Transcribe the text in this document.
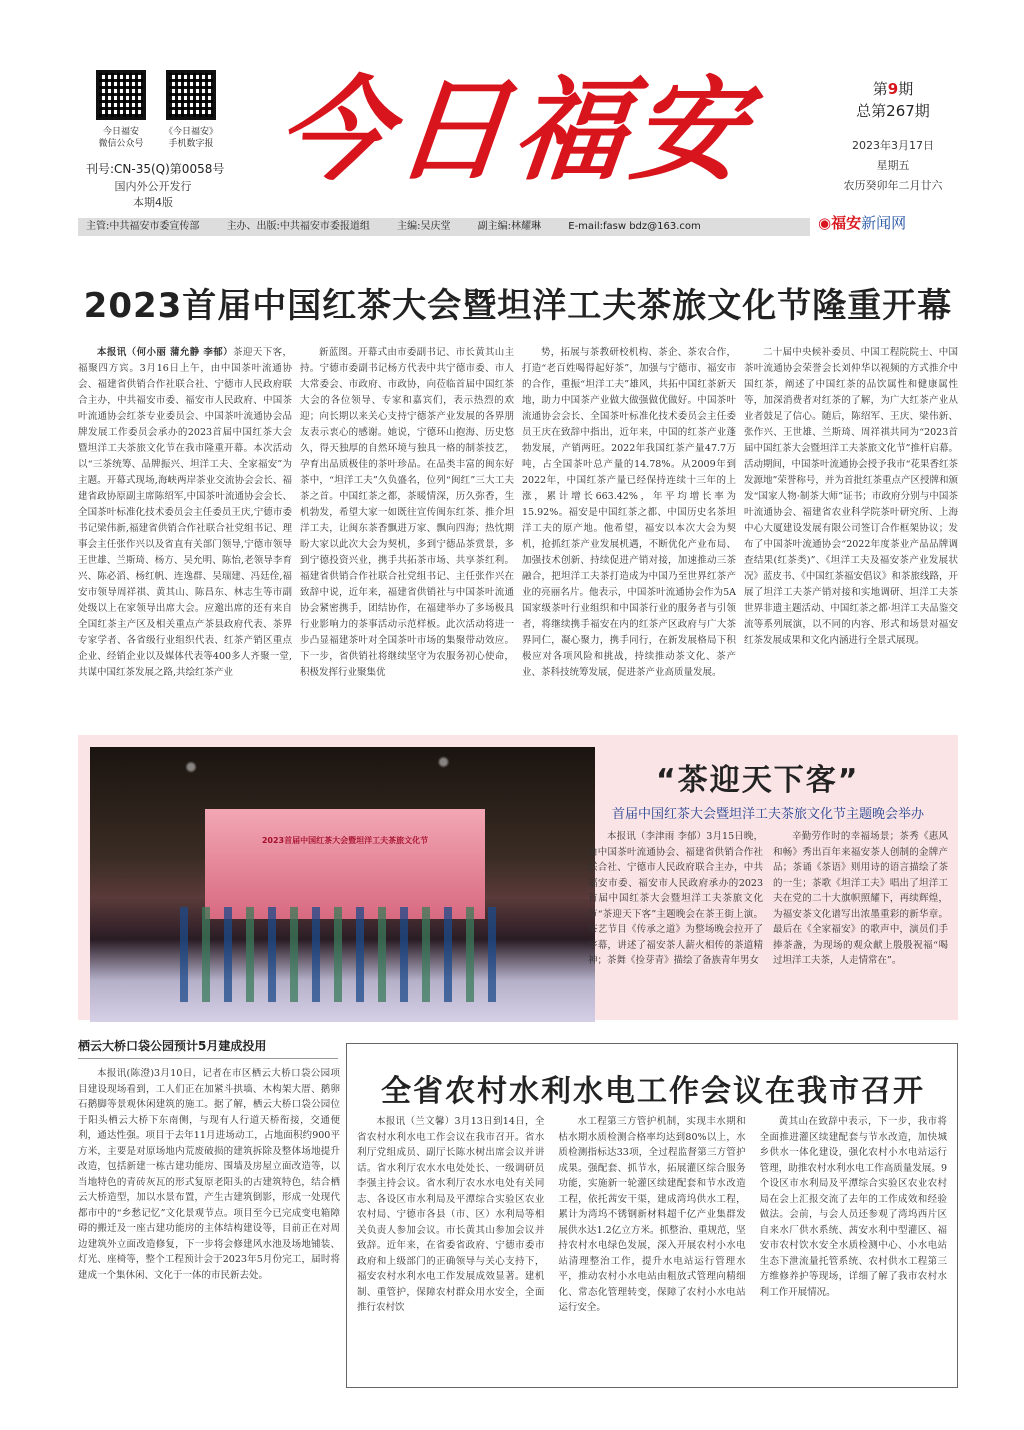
今日福安
微信公众号
《今日福安》
手机数字报
刊号:CN-35(Q)第0058号
国内外公开发行
本期4版
今日福安	第9期
总第267期
2023年3月17日
星期五
农历癸卯年二月廿六
主管:中共福安市委宣传部	主办、出版:中共福安市委报道组	主编:吴庆堂	副主编:林耀琳	E-mail:fasw bdz@163.com	◉福安新闻网
2023首届中国红茶大会暨坦洋工夫茶旅文化节隆重开幕

本报讯（何小丽 蒲允静 李郁）茶迎天下客，福聚四方宾。3月16日上午，由中国茶叶流通协会、福建省供销合作社联合社、宁德市人民政府联合主办，中共福安市委、福安市人民政府、中国茶叶流通协会红茶专业委员会、中国茶叶流通协会品牌发展工作委员会承办的2023首届中国红茶大会暨坦洋工夫茶旅文化节在我市隆重开幕。本次活动以“三茶统筹、品牌振兴、坦洋工夫、全家福安”为主题。开幕式现场,海峡两岸茶业交流协会会长、福建省政协原副主席陈绍军,中国茶叶流通协会会长、全国茶叶标准化技术委员会主任委员王庆,宁德市委书记梁伟新,福建省供销合作社联合社党组书记、理事会主任张作兴以及省直有关部门领导,宁德市领导王世雄、兰斯琦、杨方、吴允明、陈怡,老领导李育兴、陈必滔、杨红帆、连逸群、吴瑞建、冯廷佺,福安市领导周祥祺、黄其山、陈昌东、林志生等市副处级以上在家领导出席大会。应邀出席的还有来自全国红茶主产区及相关重点产茶县政府代表、茶界专家学者、各省级行业组织代表、红茶产销区重点企业、经销企业以及媒体代表等400多人齐聚一堂,共谋中国红茶发展之路,共绘红茶产业

新蓝图。开幕式由市委副书记、市长黄其山主持。宁德市委副书记杨方代表中共宁德市委、市人大常委会、市政府、市政协，向莅临首届中国红茶大会的各位领导、专家和嘉宾们，表示热烈的欢迎；向长期以来关心支持宁德茶产业发展的各界朋友表示衷心的感谢。她说，宁德环山抱海、历史悠久，得天独厚的自然环境与独具一格的制茶技艺，孕育出品质极佳的茶叶珍品。在品类丰富的闽东好茶中，“坦洋工夫”久负盛名，位列“闽红”三大工夫茶之首。中国红茶之都，茶暖情深，历久弥香，生机勃发，希望大家一如既往宣传闽东红茶、推介坦洋工夫，让闽东茶香飘进万家、飘向四海；热忱期盼大家以此次大会为契机，多到宁德品茶赏景，多到宁德投资兴业，携手共拓茶市场、共享茶红利。福建省供销合作社联合社党组书记、主任张作兴在致辞中说，近年来，福建省供销社与中国茶叶流通协会紧密携手，团结协作，在福建举办了多场极具行业影响力的茶事活动示范样板。此次活动将进一步凸显福建茶叶对全国茶叶市场的集聚带动效应。下一步，省供销社将继续坚守为农服务初心使命，积极发挥行业聚集优

势，拓展与茶教研校机构、茶企、茶农合作，打造“老百姓喝得起好茶”，加强与宁德市、福安市的合作，重振“坦洋工夫”雄风，共拓中国红茶新天地，助力中国茶产业做大做强做优做好。中国茶叶流通协会会长、全国茶叶标准化技术委员会主任委员王庆在致辞中指出，近年来，中国的红茶产业蓬勃发展，产销两旺。2022年我国红茶产量47.7万吨，占全国茶叶总产量的14.78%。从2009年到2022年，中国红茶产量已经保持连续十三年的上涨，累计增长663.42%，年平均增长率为15.92%。福安是中国红茶之都、中国历史名茶坦洋工夫的原产地。他希望，福安以本次大会为契机，抢抓红茶产业发展机遇，不断优化产业布局、加强技术创新、持续促进产销对接，加速推动三茶融合，把坦洋工夫茶打造成为中国乃至世界红茶产业的亮丽名片。他表示，中国茶叶流通协会作为5A国家级茶叶行业组织和中国茶行业的服务者与引领者，将继续携手福安在内的红茶产区政府与广大茶界同仁，凝心聚力，携手同行，在新发展格局下积极应对各项风险和挑战，持续推动茶文化、茶产业、茶科技统筹发展，促进茶产业高质量发展。

二十届中央候补委员、中国工程院院士、中国茶叶流通协会荣誉会长刘仲华以视频的方式推介中国红茶，阐述了中国红茶的品饮属性和健康属性等，加深消费者对红茶的了解，为广大红茶产业从业者鼓足了信心。随后，陈绍军、王庆、梁伟新、张作兴、王世雄、兰斯琦、周祥祺共同为“2023首届中国红茶大会暨坦洋工夫茶旅文化节”推杆启幕。活动期间，中国茶叶流通协会授予我市“花果香红茶发源地”荣誉称号，并为首批红茶重点产区授牌和颁发“国家人物·制茶大师”证书；市政府分别与中国茶叶流通协会、福建省农业科学院茶叶研究所、上海中心大厦建设发展有限公司签订合作框架协议；发布了中国茶叶流通协会“2022年度茶业产品品牌调查结果(红茶类)”、《坦洋工夫及福安茶产业发展状况》蓝皮书、《中国红茶福安倡议》和茶旅线路，开展了坦洋工夫茶产销对接和实地调研、坦洋工夫茶世界非遗主题活动、中国红茶之都·坦洋工夫品鉴交流等系列展演，以不同的内容、形式和场景对福安红茶发展成果和文化内涵进行全景式展现。

2023首届中国红茶大会暨坦洋工夫茶旅文化节
“茶迎天下客”
首届中国红茶大会暨坦洋工夫茶旅文化节主题晚会举办

本报讯（李津雨 李郁）3月15日晚，由中国茶叶流通协会、福建省供销合作社联合社、宁德市人民政府联合主办，中共福安市委、福安市人民政府承办的2023首届中国红茶大会暨坦洋工夫茶旅文化节“茶迎天下客”主题晚会在茶王街上演。茶艺节目《传承之道》为整场晚会拉开了序幕，讲述了福安茶人薪火相传的茶道精神；茶舞《捡芽青》描绘了备族青年男女

辛勤劳作时的幸福场景；茶秀《惠风和畅》秀出百年来福安茶人创制的金牌产品；茶诵《茶语》则用诗的语言描绘了茶的一生；茶歌《坦洋工夫》唱出了坦洋工夫在党的二十大旗帜照耀下，再续辉煌，为福安茶文化谱写出浓墨重彩的新华章。最后在《全家福安》的歌声中，演员们手捧茶盏，为现场的观众献上殷殷祝福“喝过坦洋工夫茶，人走情常在”。

栖云大桥口袋公园预计5月建成投用

本报讯(陈澄)3月10日，记者在市区栖云大桥口袋公园项目建设现场看到，工人们正在加紧斗拱墙、木构架大厝、鹅卵石鹅脚等景观休闲建筑的施工。据了解，栖云大桥口袋公园位于阳头栖云大桥下东南侧，与现有人行道天桥衔接，交通便利，通达性强。项目于去年11月进场动工，占地面积约900平方米，主要是对原场地内荒废破损的建筑拆除及整体场地提升改造，包括新建一栋古建功能房、围墙及房屋立面改造等，以当地特色的青砖灰瓦的形式复原老阳头的古建筑特色，结合栖云大桥造型，加以水景布置，产生古建筑倒影，形成一处现代都市中的“乡愁记忆”文化景观节点。项目至今已完成变电箱障碍的搬迁及一座古建功能房的主体结构建设等，目前正在对周边建筑外立面改造修复，下一步将会修建风水池及场地铺装、灯光、座椅等，整个工程预计会于2023年5月份完工，届时将建成一个集休闲、文化于一体的市民新去处。

全省农村水利水电工作会议在我市召开

本报讯（兰文馨）3月13日到14日，全省农村水利水电工作会议在我市召开。省水利厅党组成员、副厅长陈水树出席会议并讲话。省水利厅农水水电处处长、一级调研员李强主持会议。省水利厅农水水电处有关同志、各设区市水利局及平潭综合实验区农业农村局、宁德市各县（市、区）水利局等相关负责人参加会议。市长黄其山参加会议并致辞。近年来，在省委省政府、宁德市委市政府和上级部门的正确领导与关心支持下，福安农村水利水电工作发展成效显著。建机制、重管护，保障农村群众用水安全，全面推行农村饮

水工程第三方管护机制，实现丰水期和枯水期水质检测合格率均达到80%以上，水质检测指标达33项，全过程监督第三方管护成果。强配套、抓节水，拓展灌区综合服务功能，实施新一轮灌区续建配套和节水改造工程，依托茜安干渠，建成湾坞供水工程，累计为湾坞不锈钢新材料超千亿产业集群发展供水达1.2亿立方米。抓整治、重规范，坚持农村水电绿色发展，深入开展农村小水电站清理整治工作，提升水电站运行管理水平，推动农村小水电站由粗放式管理向精细化、常态化管理转变，保障了农村小水电站运行安全。

黄其山在致辞中表示，下一步，我市将全面推进灌区续建配套与节水改造，加快城乡供水一体化建设，强化农村小水电站运行管理，助推农村水利水电工作高质量发展。9个设区市水利局及平潭综合实验区农业农村局在会上汇报交流了去年的工作成效和经验做法。会前，与会人员还参观了湾坞西片区自来水厂供水系统、茜安水利中型灌区、福安市农村饮水安全水质检测中心、小水电站生态下泄流量托管系统、农村供水工程第三方维修养护等现场，详细了解了我市农村水利工作开展情况。
